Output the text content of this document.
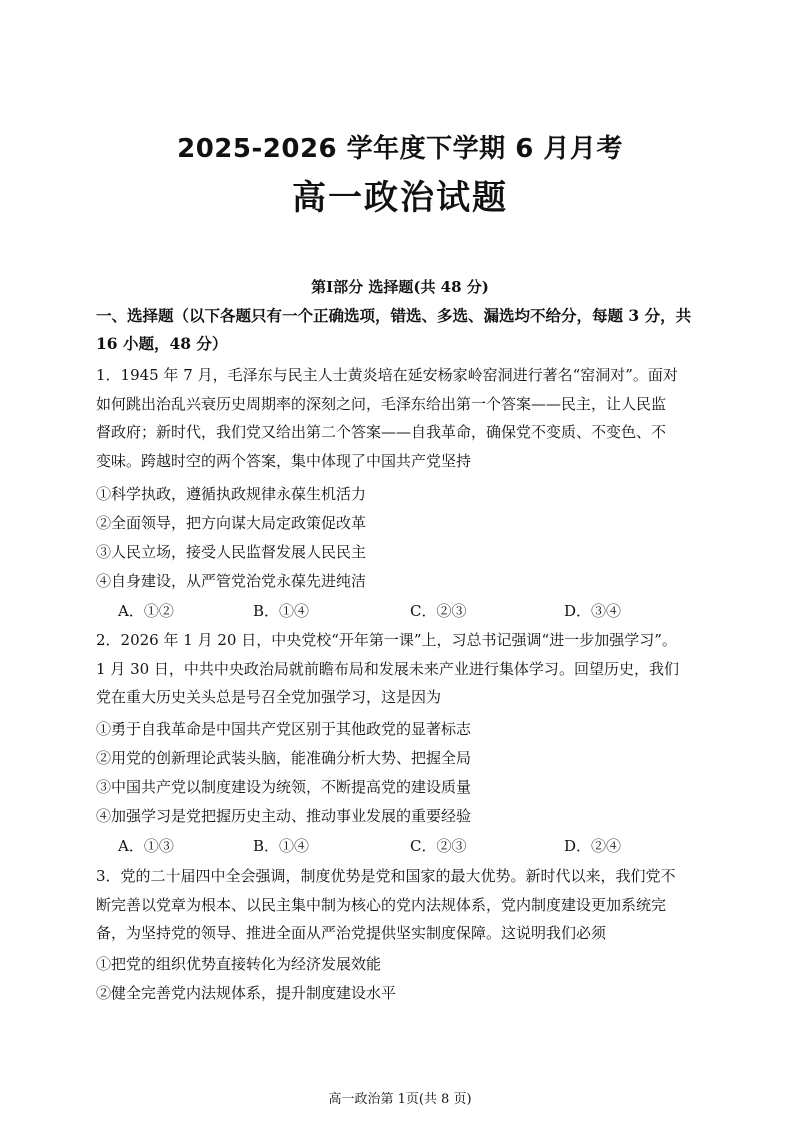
2025-2026 学年度下学期 6 月月考
高一政治试题
第Ⅰ部分 选择题(共 48 分)
一、选择题（以下各题只有一个正确选项，错选、多选、漏选均不给分，每题 3 分，共
16 小题，48 分）
1．1945 年 7 月，毛泽东与民主人士黄炎培在延安杨家岭窑洞进行著名“窑洞对”。面对
如何跳出治乱兴衰历史周期率的深刻之问，毛泽东给出第一个答案——民主，让人民监
督政府；新时代，我们党又给出第二个答案——自我革命，确保党不变质、不变色、不
变味。跨越时空的两个答案，集中体现了中国共产党坚持
①科学执政，遵循执政规律永葆生机活力
②全面领导，把方向谋大局定政策促改革
③人民立场，接受人民监督发展人民民主
④自身建设，从严管党治党永葆先进纯洁
A．①②	B．①④	C．②③	D．③④
2．2026 年 1 月 20 日，中央党校“开年第一课”上，习总书记强调“进一步加强学习”。
1 月 30 日，中共中央政治局就前瞻布局和发展未来产业进行集体学习。回望历史，我们
党在重大历史关头总是号召全党加强学习，这是因为
①勇于自我革命是中国共产党区别于其他政党的显著标志
②用党的创新理论武装头脑，能准确分析大势、把握全局
③中国共产党以制度建设为统领，不断提高党的建设质量
④加强学习是党把握历史主动、推动事业发展的重要经验
A．①③	B．①④	C．②③	D．②④
3．党的二十届四中全会强调，制度优势是党和国家的最大优势。新时代以来，我们党不
断完善以党章为根本、以民主集中制为核心的党内法规体系，党内制度建设更加系统完
备，为坚持党的领导、推进全面从严治党提供坚实制度保障。这说明我们必须
①把党的组织优势直接转化为经济发展效能
②健全完善党内法规体系，提升制度建设水平
高一政治第 1页(共 8 页)
